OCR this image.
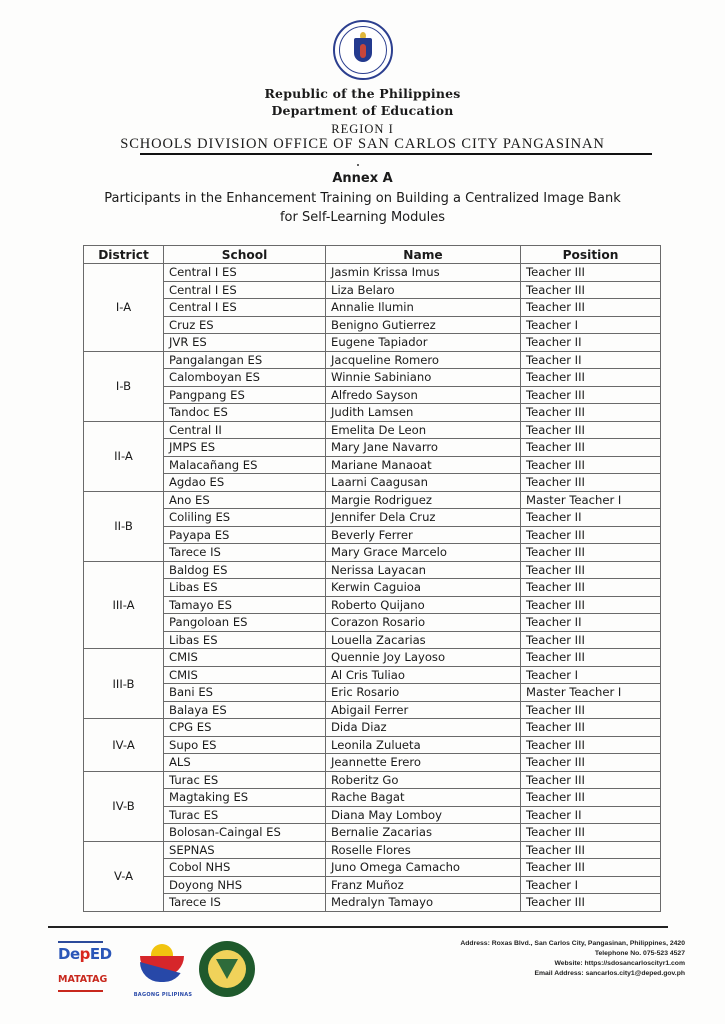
Republic of the Philippines
Department of Education
REGION I
SCHOOLS DIVISION OFFICE OF SAN CARLOS CITY PANGASINAN
Annex A
Participants in the Enhancement Training on Building a Centralized Image Bank
for Self-Learning Modules
District	School	Name	Position
I-A	Central I ES	Jasmin Krissa Imus	Teacher III
	Central I ES	Liza Belaro	Teacher III
	Central I ES	Annalie Ilumin	Teacher III
	Cruz ES	Benigno Gutierrez	Teacher I
	JVR ES	Eugene Tapiador	Teacher II
I-B	Pangalangan ES	Jacqueline Romero	Teacher II
	Calomboyan ES	Winnie Sabiniano	Teacher III
	Pangpang ES	Alfredo Sayson	Teacher III
	Tandoc ES	Judith Lamsen	Teacher III
II-A	Central II	Emelita De Leon	Teacher III
	JMPS ES	Mary Jane Navarro	Teacher III
	Malacañang ES	Mariane Manaoat	Teacher III
	Agdao ES	Laarni Caagusan	Teacher III
II-B	Ano ES	Margie Rodriguez	Master Teacher I
	Coliling ES	Jennifer Dela Cruz	Teacher II
	Payapa ES	Beverly Ferrer	Teacher III
	Tarece IS	Mary Grace Marcelo	Teacher III
III-A	Baldog ES	Nerissa Layacan	Teacher III
	Libas ES	Kerwin Caguioa	Teacher III
	Tamayo ES	Roberto Quijano	Teacher III
	Pangoloan ES	Corazon Rosario	Teacher II
	Libas ES	Louella Zacarias	Teacher III
III-B	CMIS	Quennie Joy Layoso	Teacher III
	CMIS	Al Cris Tuliao	Teacher I
	Bani ES	Eric Rosario	Master Teacher I
	Balaya ES	Abigail Ferrer	Teacher III
IV-A	CPG ES	Dida Diaz	Teacher III
	Supo ES	Leonila Zulueta	Teacher III
	ALS	Jeannette Erero	Teacher III
IV-B	Turac ES	Roberitz Go	Teacher III
	Magtaking ES	Rache Bagat	Teacher III
	Turac ES	Diana May Lomboy	Teacher II
	Bolosan-Caingal ES	Bernalie Zacarias	Teacher III
V-A	SEPNAS	Roselle Flores	Teacher III
	Cobol NHS	Juno Omega Camacho	Teacher III
	Doyong NHS	Franz Muñoz	Teacher I
	Tarece IS	Medralyn Tamayo	Teacher III
DepED
MATATAG
BAGONG PILIPINAS
Address: Roxas Blvd., San Carlos City, Pangasinan, Philippines, 2420
Telephone No. 075-523 4527
Website: https://sdosancarloscityr1.com
Email Address: sancarlos.city1@deped.gov.ph
